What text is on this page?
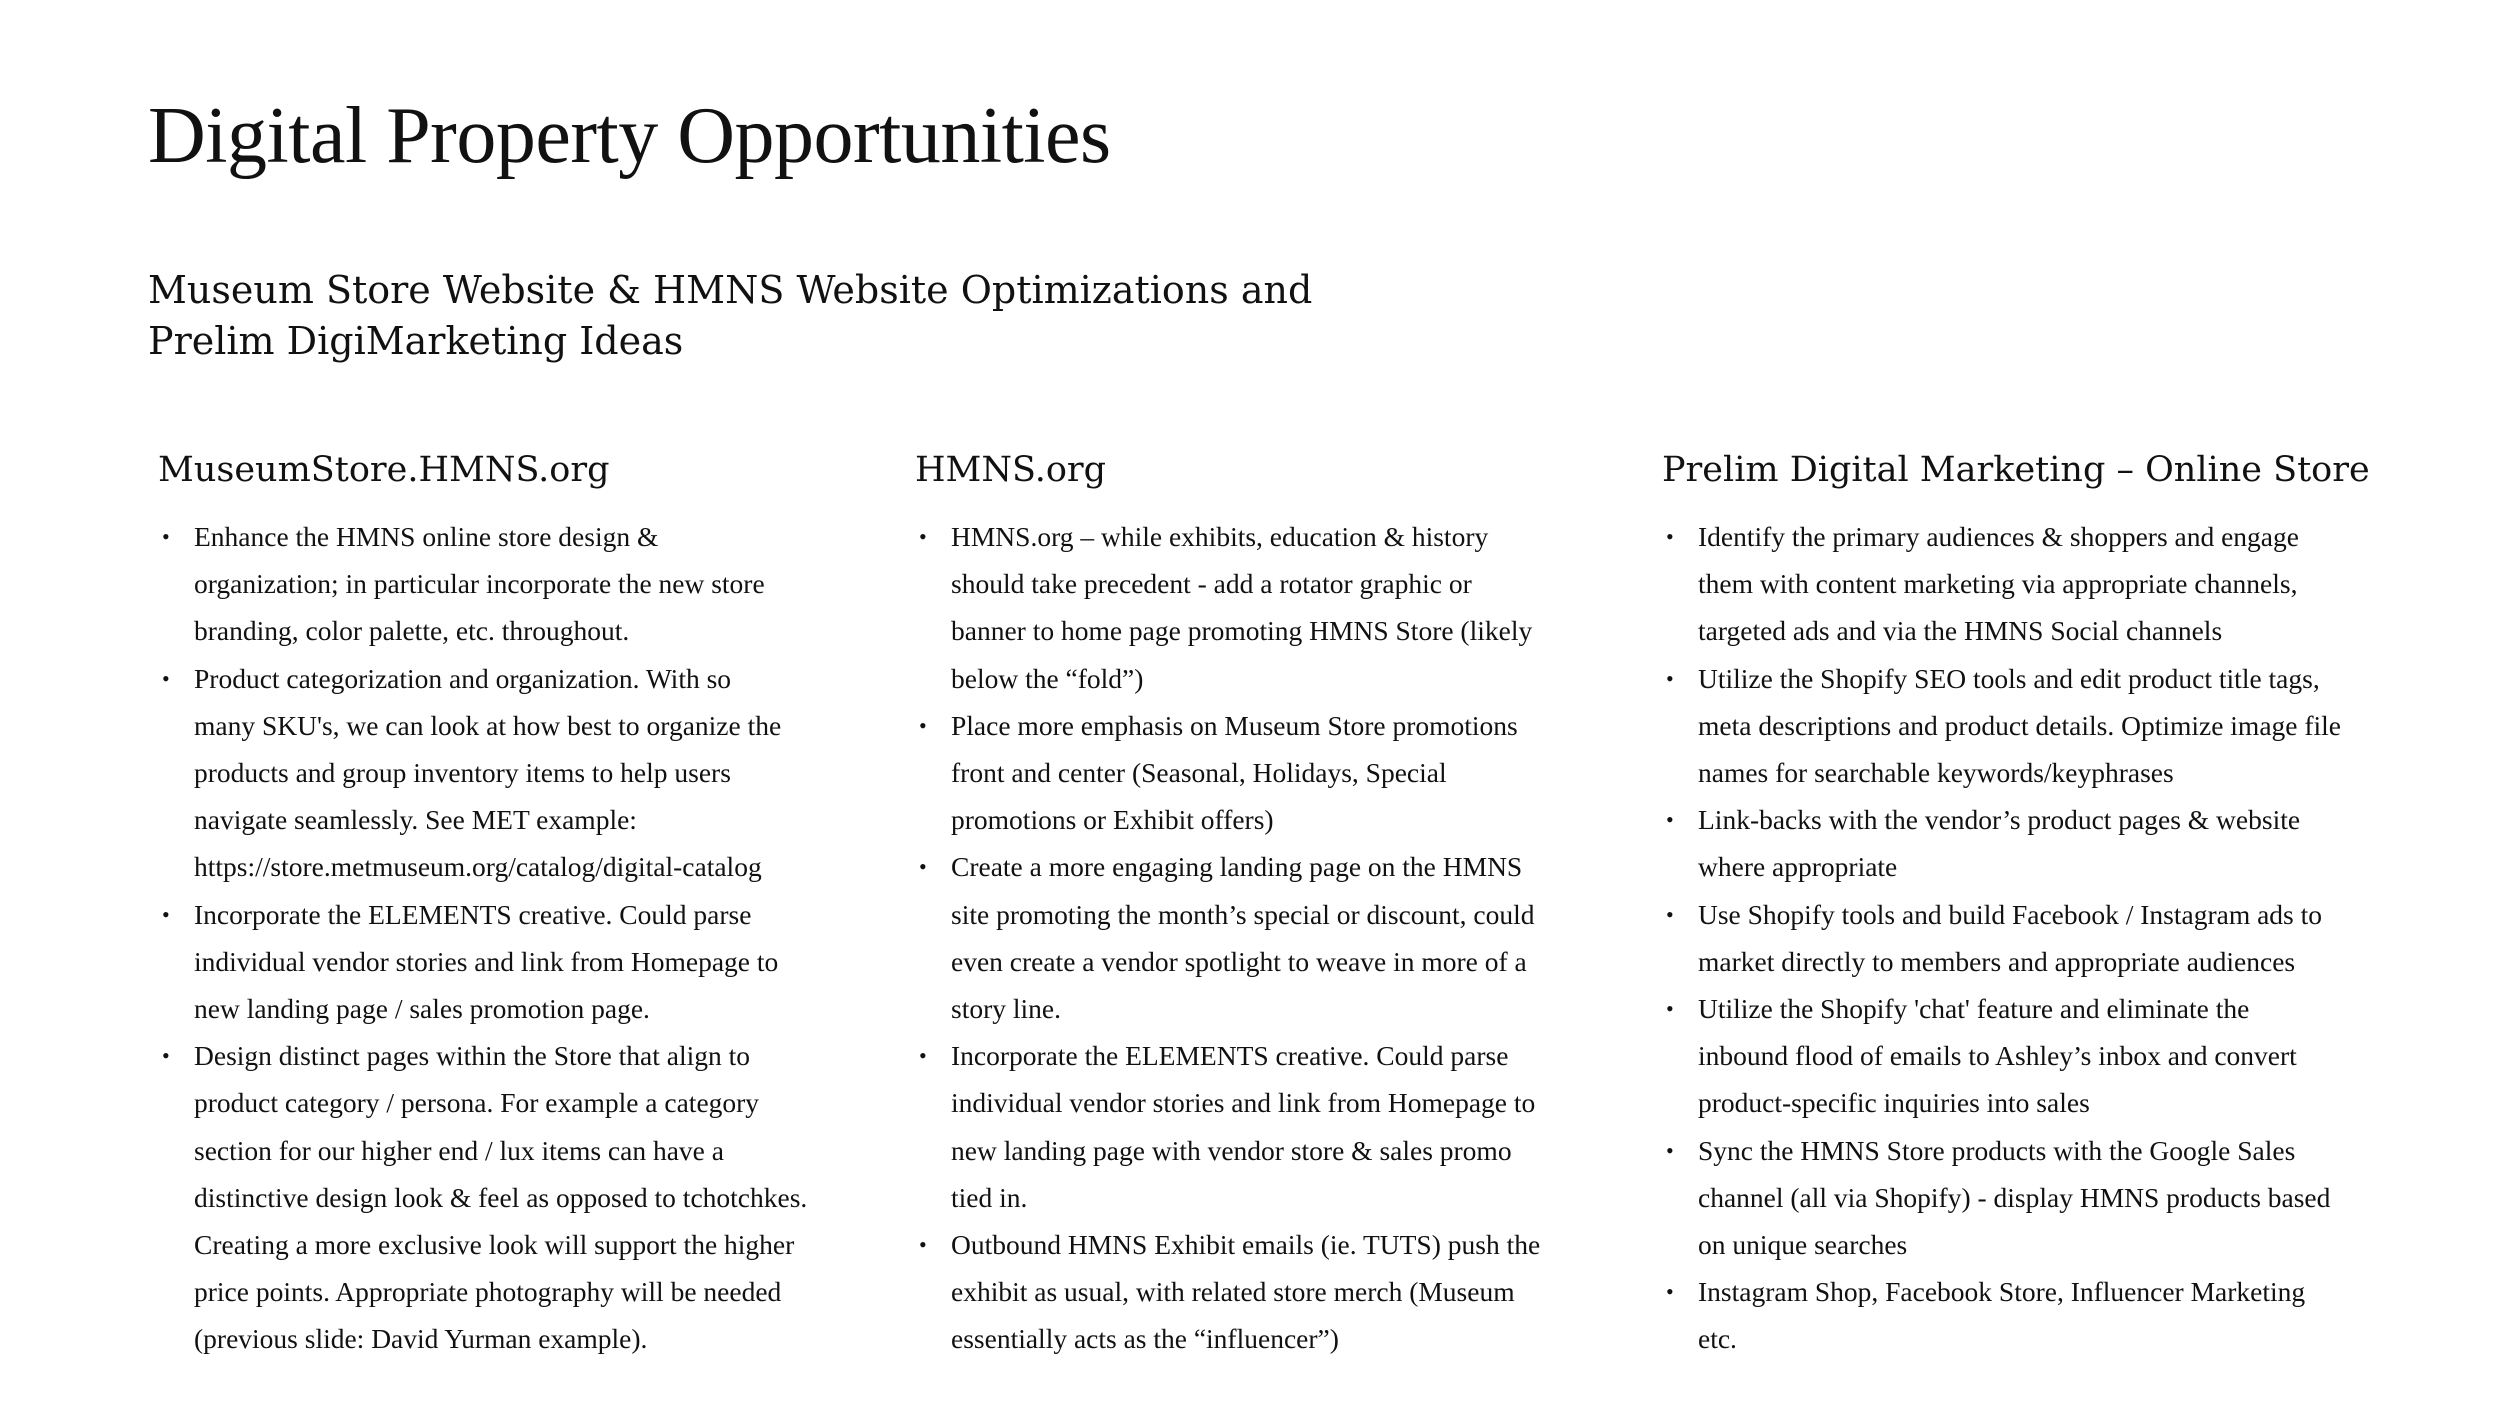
Digital Property Opportunities
Museum Store Website & HMNS Website Optimizations and
Prelim DigiMarketing Ideas
MuseumStore.HMNS.org
• Enhance the HMNS online store design &
organization; in particular incorporate the new store
branding, color palette, etc. throughout.
• Product categorization and organization. With so
many SKU's, we can look at how best to organize the
products and group inventory items to help users
navigate seamlessly. See MET example:
https://store.metmuseum.org/catalog/digital-catalog
• Incorporate the ELEMENTS creative. Could parse
individual vendor stories and link from Homepage to
new landing page / sales promotion page.
• Design distinct pages within the Store that align to
product category / persona. For example a category
section for our higher end / lux items can have a
distinctive design look & feel as opposed to tchotchkes.
Creating a more exclusive look will support the higher
price points. Appropriate photography will be needed
(previous slide: David Yurman example).
HMNS.org
• HMNS.org – while exhibits, education & history
should take precedent - add a rotator graphic or
banner to home page promoting HMNS Store (likely
below the “fold”)
• Place more emphasis on Museum Store promotions
front and center (Seasonal, Holidays, Special
promotions or Exhibit offers)
• Create a more engaging landing page on the HMNS
site promoting the month’s special or discount, could
even create a vendor spotlight to weave in more of a
story line.
• Incorporate the ELEMENTS creative. Could parse
individual vendor stories and link from Homepage to
new landing page with vendor store & sales promo
tied in.
• Outbound HMNS Exhibit emails (ie. TUTS) push the
exhibit as usual, with related store merch (Museum
essentially acts as the “influencer”)
Prelim Digital Marketing – Online Store
• Identify the primary audiences & shoppers and engage
them with content marketing via appropriate channels,
targeted ads and via the HMNS Social channels
• Utilize the Shopify SEO tools and edit product title tags,
meta descriptions and product details. Optimize image file
names for searchable keywords/keyphrases
• Link-backs with the vendor’s product pages & website
where appropriate
• Use Shopify tools and build Facebook / Instagram ads to
market directly to members and appropriate audiences
• Utilize the Shopify 'chat' feature and eliminate the
inbound flood of emails to Ashley’s inbox and convert
product-specific inquiries into sales
• Sync the HMNS Store products with the Google Sales
channel (all via Shopify) - display HMNS products based
on unique searches
• Instagram Shop, Facebook Store, Influencer Marketing
etc.
